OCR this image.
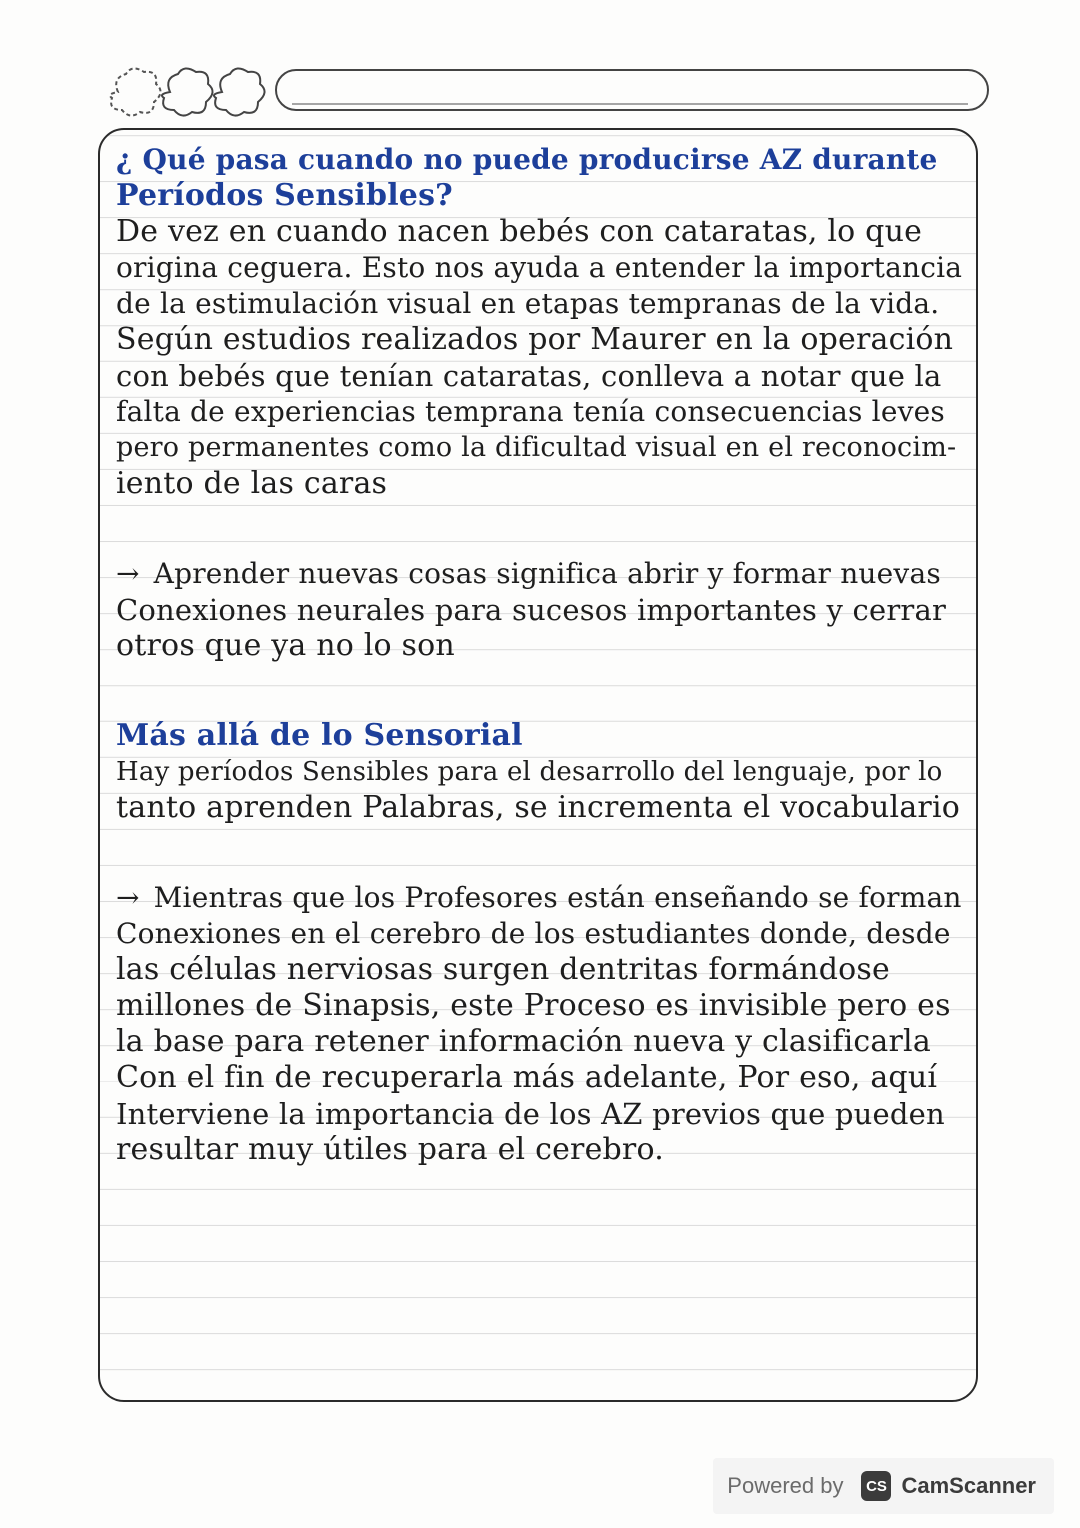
¿ Qué pasa cuando no puede producirse AZ durante
Períodos Sensibles?
De vez en cuando nacen bebés con cataratas, lo que
origina ceguera. Esto nos ayuda a entender la importancia
de la estimulación visual en etapas tempranas de la vida.
Según estudios realizados por Maurer en la operación
con bebés que tenían cataratas, conlleva a notar que la
falta de experiencias temprana tenía consecuencias leves
pero permanentes como la dificultad visual en el reconocim-
iento de las caras
→ Aprender nuevas cosas significa abrir y formar nuevas
Conexiones neurales para sucesos importantes y cerrar
otros que ya no lo son
Más allá de lo Sensorial
Hay períodos Sensibles para el desarrollo del lenguaje, por lo
tanto aprenden Palabras, se incrementa el vocabulario
→ Mientras que los Profesores están enseñando se forman
Conexiones en el cerebro de los estudiantes donde, desde
las células nerviosas surgen dentritas formándose
millones de Sinapsis, este Proceso es invisible pero es
la base para retener información nueva y clasificarla
Con el fin de recuperarla más adelante, Por eso, aquí
Interviene la importancia de los AZ previos que pueden
resultar muy útiles para el cerebro.
Powered by	CS CamScanner
